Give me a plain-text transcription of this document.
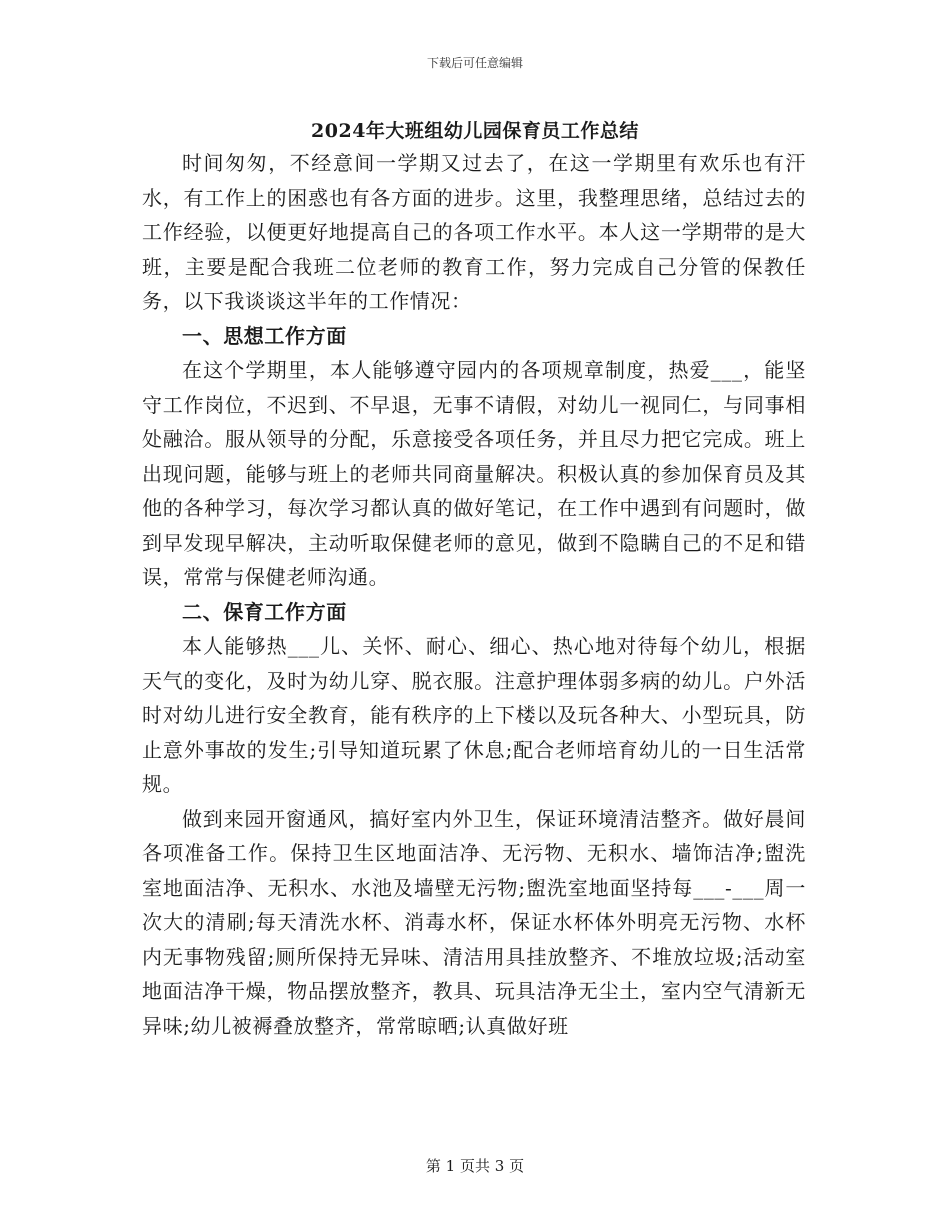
下载后可任意编辑
2024年大班组幼儿园保育员工作总结

时间匆匆，不经意间一学期又过去了，在这一学期里有欢乐也有汗水，有工作上的困惑也有各方面的进步。这里，我整理思绪，总结过去的工作经验，以便更好地提高自己的各项工作水平。本人这一学期带的是大班，主要是配合我班二位老师的教育工作，努力完成自己分管的保教任务，以下我谈谈这半年的工作情况：

一、思想工作方面

在这个学期里，本人能够遵守园内的各项规章制度，热爱___，能坚守工作岗位，不迟到、不早退，无事不请假，对幼儿一视同仁，与同事相处融洽。服从领导的分配，乐意接受各项任务，并且尽力把它完成。班上出现问题，能够与班上的老师共同商量解决。积极认真的参加保育员及其他的各种学习，每次学习都认真的做好笔记，在工作中遇到有问题时，做到早发现早解决，主动听取保健老师的意见，做到不隐瞒自己的不足和错误，常常与保健老师沟通。

二、保育工作方面

本人能够热___儿、关怀、耐心、细心、热心地对待每个幼儿，根据天气的变化，及时为幼儿穿、脱衣服。注意护理体弱多病的幼儿。户外活时对幼儿进行安全教育，能有秩序的上下楼以及玩各种大、小型玩具，防止意外事故的发生;引导知道玩累了休息;配合老师培育幼儿的一日生活常规。

做到来园开窗通风，搞好室内外卫生，保证环境清洁整齐。做好晨间各项准备工作。保持卫生区地面洁净、无污物、无积水、墙饰洁净;盥洗室地面洁净、无积水、水池及墙壁无污物;盥洗室地面坚持每___-___周一次大的清刷;每天清洗水杯、消毒水杯，保证水杯体外明亮无污物、水杯内无事物残留;厕所保持无异味、清洁用具挂放整齐、不堆放垃圾;活动室地面洁净干燥，物品摆放整齐，教具、玩具洁净无尘土，室内空气清新无异味;幼儿被褥叠放整齐，常常晾晒;认真做好班

第 1 页共 3 页
